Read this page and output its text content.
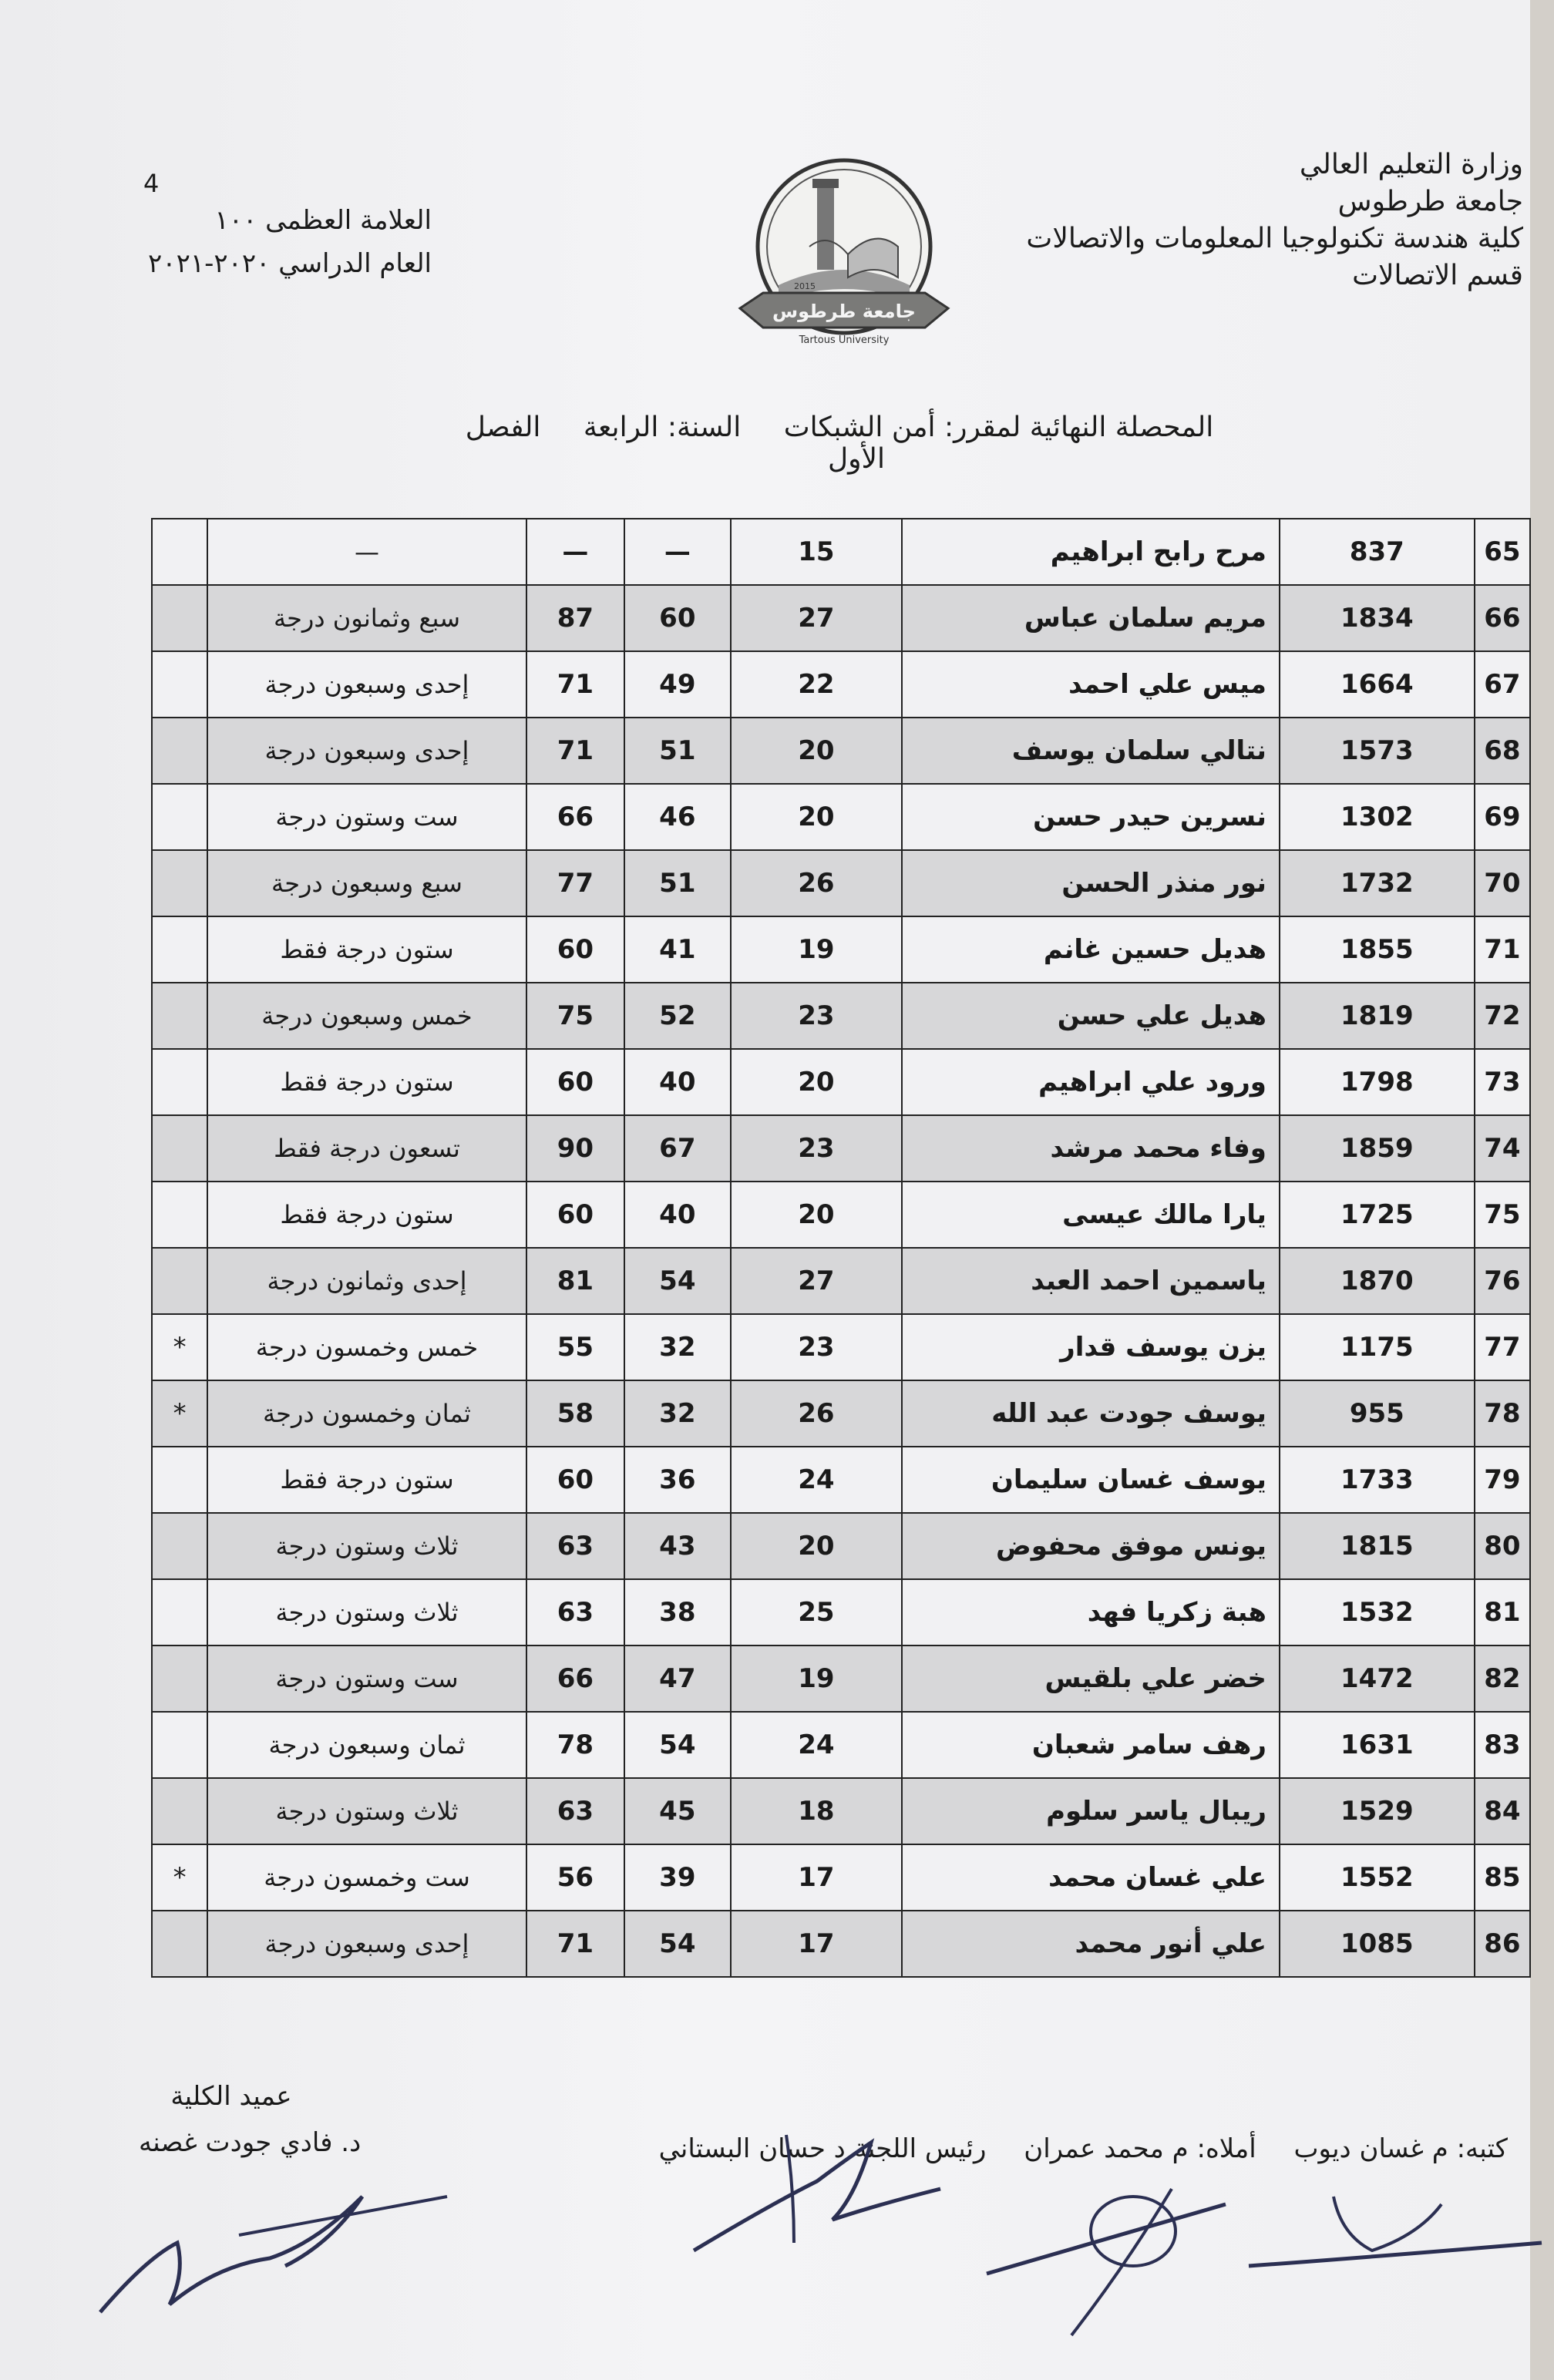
وزارة التعليم العالي
جامعة طرطوس
كلية هندسة تكنولوجيا المعلومات والاتصالات
قسم الاتصالات
4
العلامة العظمى ١٠٠
العام الدراسي ٢٠٢٠-٢٠٢١
2015
جامعة طرطوس
Tartous University
المحصلة النهائية لمقرر: أمن الشبكات السنة: الرابعة الفصل الأول
65	837	مرح رابح ابراهيم	15	—	—	—	
66	1834	مريم سلمان عباس	27	60	87	سبع وثمانون درجة	
67	1664	ميس علي احمد	22	49	71	إحدى وسبعون درجة	
68	1573	نتالي سلمان يوسف	20	51	71	إحدى وسبعون درجة	
69	1302	نسرين حيدر حسن	20	46	66	ست وستون درجة	
70	1732	نور منذر الحسن	26	51	77	سبع وسبعون درجة	
71	1855	هديل حسين غانم	19	41	60	ستون درجة فقط	
72	1819	هديل علي حسن	23	52	75	خمس وسبعون درجة	
73	1798	ورود علي ابراهيم	20	40	60	ستون درجة فقط	
74	1859	وفاء محمد مرشد	23	67	90	تسعون درجة فقط	
75	1725	يارا مالك عيسى	20	40	60	ستون درجة فقط	
76	1870	ياسمين احمد العبد	27	54	81	إحدى وثمانون درجة	
77	1175	يزن يوسف قدار	23	32	55	خمس وخمسون درجة	*
78	955	يوسف جودت عبد الله	26	32	58	ثمان وخمسون درجة	*
79	1733	يوسف غسان سليمان	24	36	60	ستون درجة فقط	
80	1815	يونس موفق محفوض	20	43	63	ثلاث وستون درجة	
81	1532	هبة زكريا فهد	25	38	63	ثلاث وستون درجة	
82	1472	خضر علي بلقيس	19	47	66	ست وستون درجة	
83	1631	رهف سامر شعبان	24	54	78	ثمان وسبعون درجة	
84	1529	ريبال ياسر سلوم	18	45	63	ثلاث وستون درجة	
85	1552	علي غسان محمد	17	39	56	ست وخمسون درجة	*
86	1085	علي أنور محمد	17	54	71	إحدى وسبعون درجة	
كتبه: م غسان ديوب أملاه: م محمد عمران رئيس اللجنة د حسان البستاني
عميد الكلية
د. فادي جودت غصنه
